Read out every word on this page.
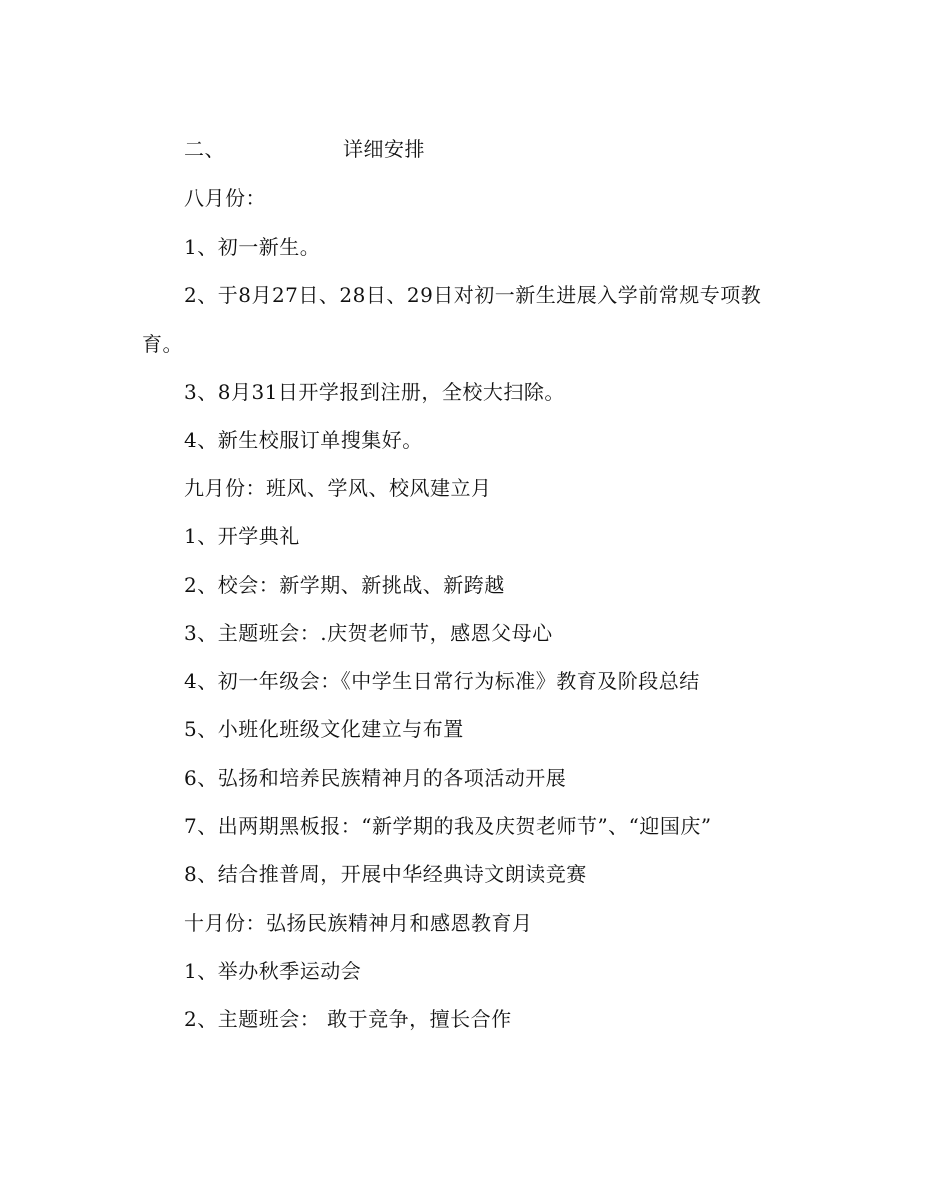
二、	详细安排
八月份：
1、初一新生。
2、于8月27日、28日、29日对初一新生进展入学前常规专项教
育。
3、8月31日开学报到注册，全校大扫除。
4、新生校服订单搜集好。
九月份：班风、学风、校风建立月
1、开学典礼
2、校会：新学期、新挑战、新跨越
3、主题班会：.庆贺老师节，感恩父母心
4、初一年级会：《中学生日常行为标准》教育及阶段总结
5、小班化班级文化建立与布置
6、弘扬和培养民族精神月的各项活动开展
7、出两期黑板报：“新学期的我及庆贺老师节”、“迎国庆”
8、结合推普周，开展中华经典诗文朗读竞赛
十月份：弘扬民族精神月和感恩教育月
1、举办秋季运动会
2、主题班会： 敢于竞争，擅长合作
